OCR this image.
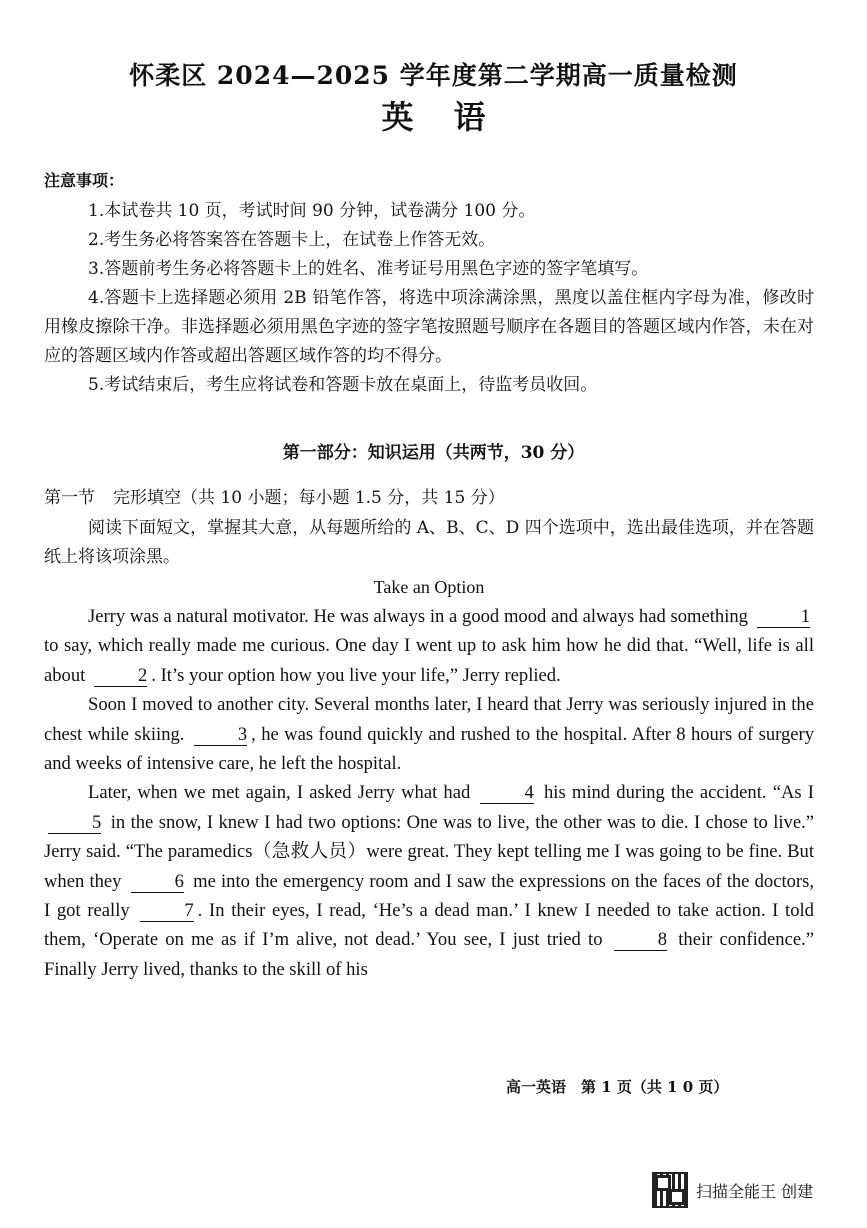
怀柔区 2024—2025 学年度第二学期高一质量检测
英语
注意事项：
1.本试卷共 10 页，考试时间 90 分钟，试卷满分 100 分。
2.考生务必将答案答在答题卡上，在试卷上作答无效。
3.答题前考生务必将答题卡上的姓名、准考证号用黑色字迹的签字笔填写。
4.答题卡上选择题必须用 2B 铅笔作答，将选中项涂满涂黑，黑度以盖住框内字母为准，修改时用橡皮擦除干净。非选择题必须用黑色字迹的签字笔按照题号顺序在各题目的答题区域内作答，未在对应的答题区域内作答或超出答题区域作答的均不得分。
5.考试结束后，考生应将试卷和答题卡放在桌面上，待监考员收回。
第一部分：知识运用（共两节，30 分）
第一节 完形填空（共 10 小题；每小题 1.5 分，共 15 分）
阅读下面短文，掌握其大意，从每题所给的 A、B、C、D 四个选项中，选出最佳选项，并在答题纸上将该项涂黑。
Take an Option
Jerry was a natural motivator. He was always in a good mood and always had something	1 to say, which really made me curious. One day I went up to ask him how he did that. “Well, life is all about	2 . It’s your option how you live your life,” Jerry replied.
Soon I moved to another city. Several months later, I heard that Jerry was seriously injured in the chest while skiing.	3 , he was found quickly and rushed to the hospital. After 8 hours of surgery and weeks of intensive care, he left the hospital.
Later, when we met again, I asked Jerry what had	4 his mind during the accident. “As I 5 in the snow, I knew I had two options: One was to live, the other was to die. I chose to live.” Jerry said. “The paramedics（急救人员）were great. They kept telling me I was going to be fine. But when they	6 me into the emergency room and I saw the expressions on the faces of the doctors, I got really	7 . In their eyes, I read, ‘He’s a dead man.’ I knew I needed to take action. I told them, ‘Operate on me as if I’m alive, not dead.’ You see, I just tried to	8 their confidence.” Finally Jerry lived, thanks to the skill of his
高一英语　第 1 页（共 1 0 页）
扫描全能王 创建
